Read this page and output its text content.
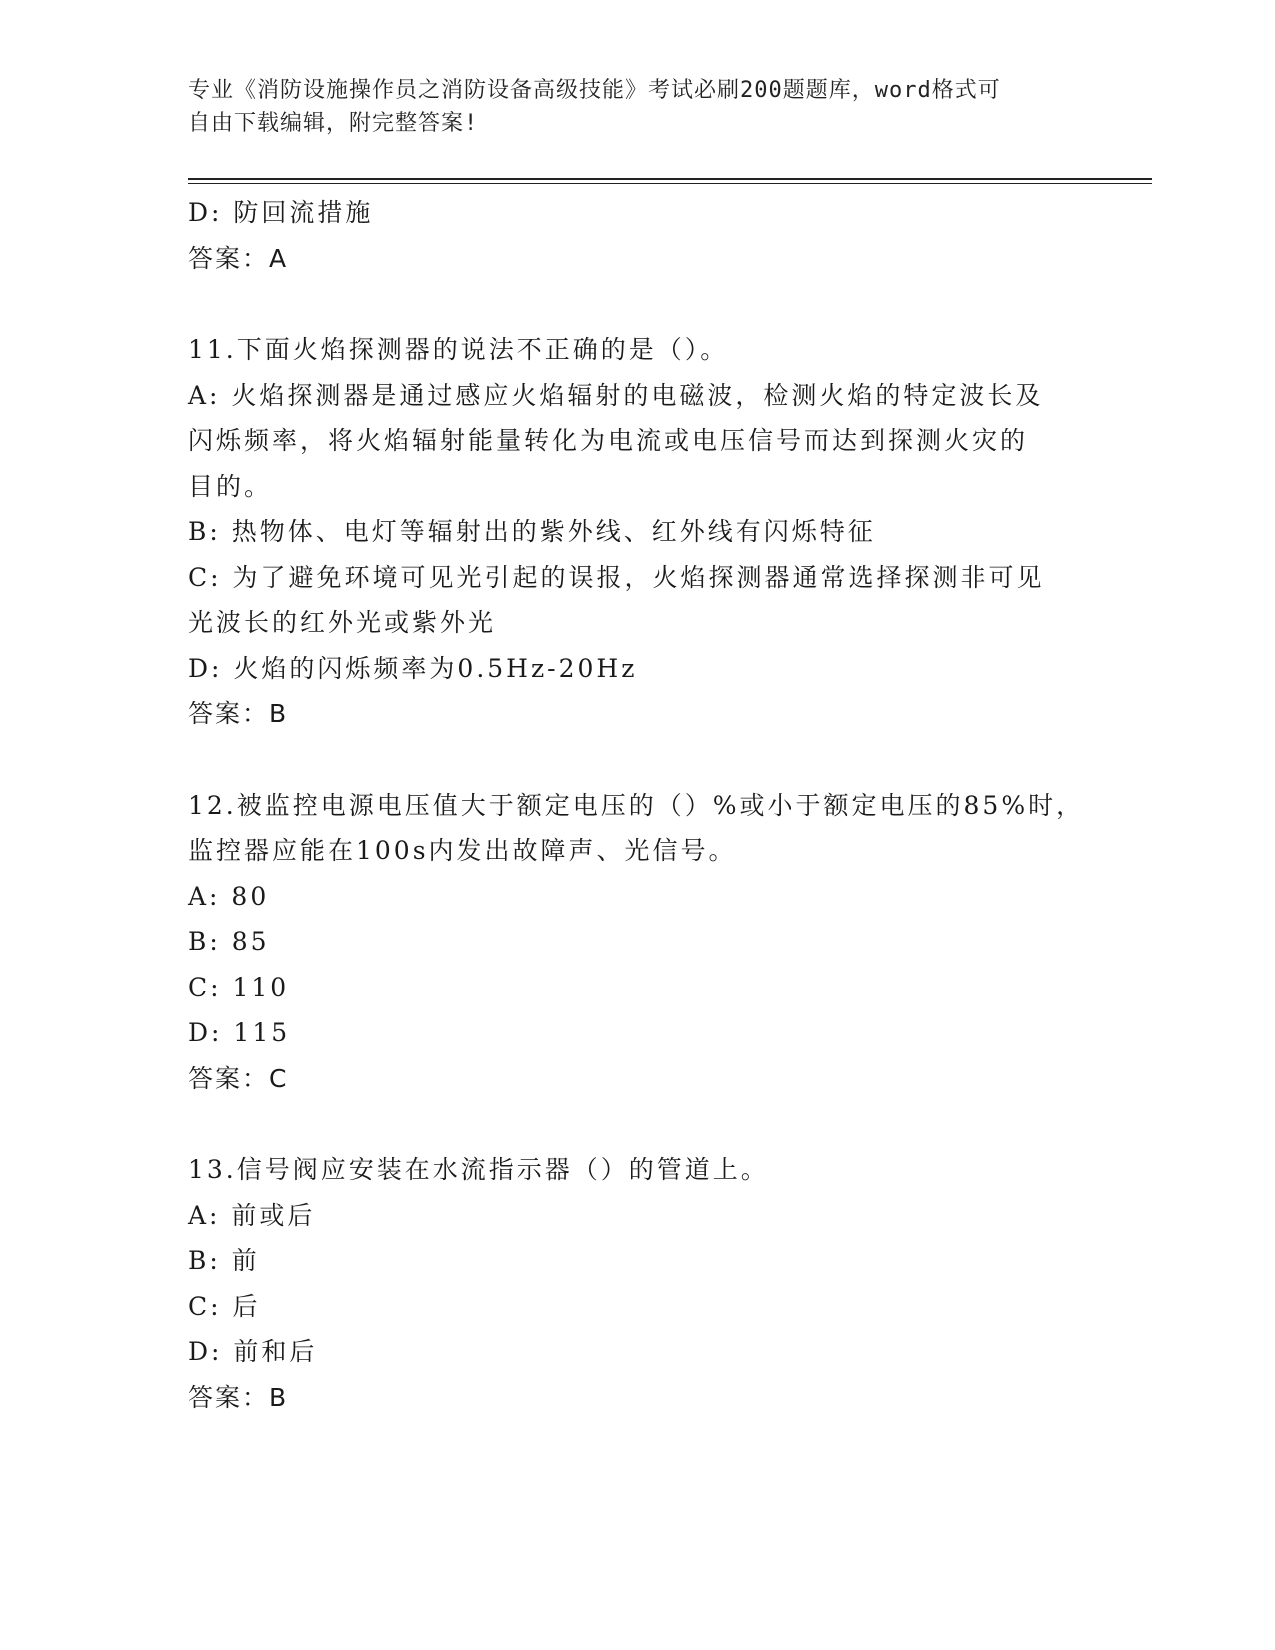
专业《消防设施操作员之消防设备高级技能》考试必刷200题题库，word格式可
自由下载编辑，附完整答案!
D: 防回流措施
答案：A
11.下面火焰探测器的说法不正确的是（）。
A: 火焰探测器是通过感应火焰辐射的电磁波，检测火焰的特定波长及
闪烁频率，将火焰辐射能量转化为电流或电压信号而达到探测火灾的
目的。
B: 热物体、电灯等辐射出的紫外线、红外线有闪烁特征
C: 为了避免环境可见光引起的误报，火焰探测器通常选择探测非可见
光波长的红外光或紫外光
D: 火焰的闪烁频率为0.5Hz-20Hz
答案：B
12.被监控电源电压值大于额定电压的（）%或小于额定电压的85%时，
监控器应能在100s内发出故障声、光信号。
A: 80
B: 85
C: 110
D: 115
答案：C
13.信号阀应安装在水流指示器（）的管道上。
A: 前或后
B: 前
C: 后
D: 前和后
答案：B
